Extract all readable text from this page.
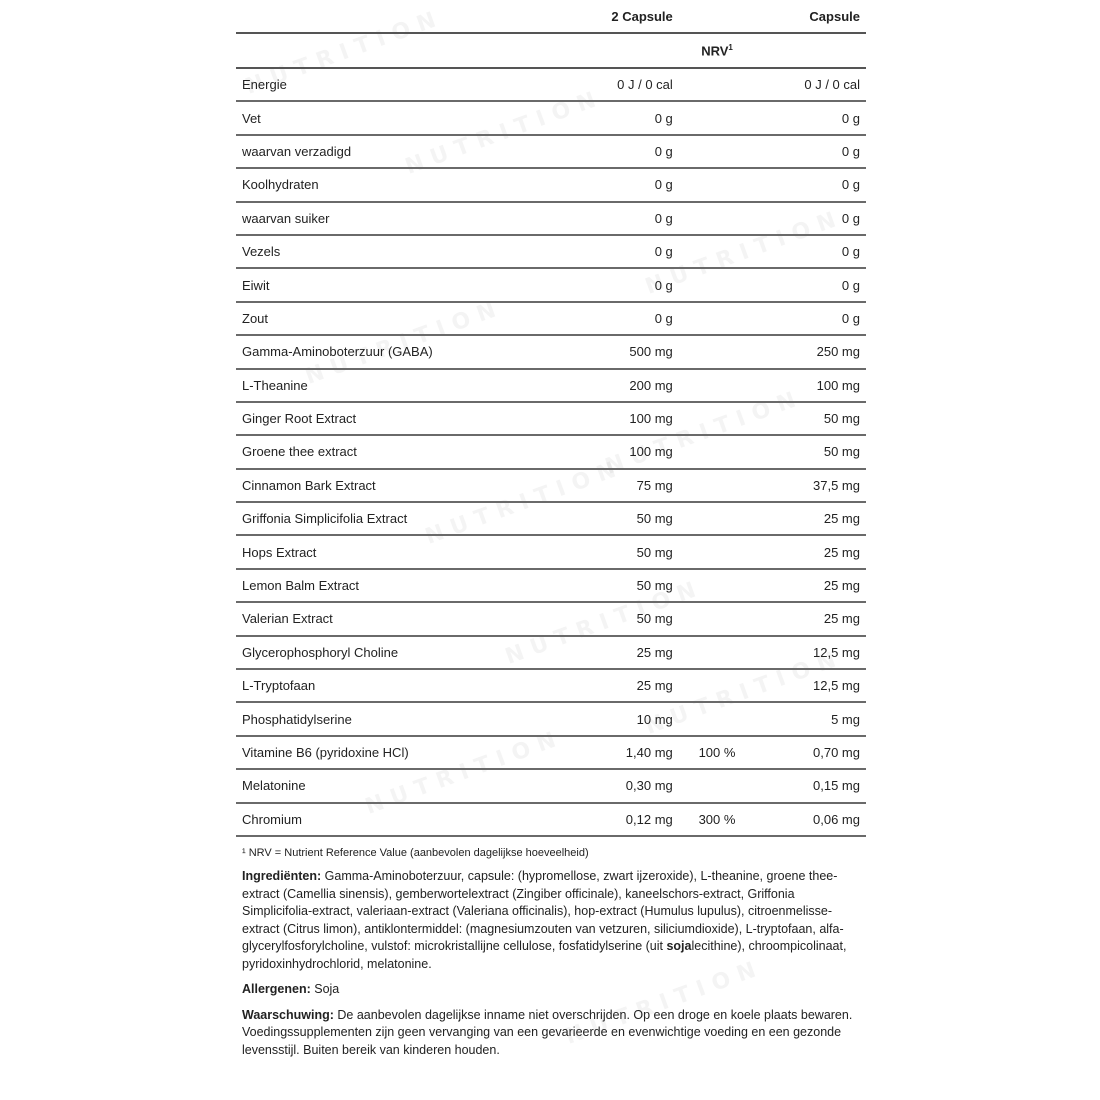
	2 Capsule		Capsule
		NRV$^1$	
Energie	0 J / 0 cal		0 J / 0 cal
Vet	0 g		0 g
waarvan verzadigd	0 g		0 g
Koolhydraten	0 g		0 g
waarvan suiker	0 g		0 g
Vezels	0 g		0 g
Eiwit	0 g		0 g
Zout	0 g		0 g
Gamma-Aminoboterzuur (GABA)	500 mg		250 mg
L-Theanine	200 mg		100 mg
Ginger Root Extract	100 mg		50 mg
Groene thee extract	100 mg		50 mg
Cinnamon Bark Extract	75 mg		37,5 mg
Griffonia Simplicifolia Extract	50 mg		25 mg
Hops Extract	50 mg		25 mg
Lemon Balm Extract	50 mg		25 mg
Valerian Extract	50 mg		25 mg
Glycerophosphoryl Choline	25 mg		12,5 mg
L-Tryptofaan	25 mg		12,5 mg
Phosphatidylserine	10 mg		5 mg
Vitamine B6 (pyridoxine HCl)	1,40 mg	100 %	0,70 mg
Melatonine	0,30 mg		0,15 mg
Chromium	0,12 mg	300 %	0,06 mg
¹ NRV = Nutrient Reference Value (aanbevolen dagelijkse hoeveelheid)
Ingrediënten: Gamma-Aminoboterzuur, capsule: (hypromellose, zwart ijzeroxide), L-theanine, groene thee-extract (Camellia sinensis), gemberwortelextract (Zingiber officinale), kaneelschors-extract, Griffonia Simplicifolia-extract, valeriaan-extract (Valeriana officinalis), hop-extract (Humulus lupulus), citroenmelisse-extract (Citrus limon), antiklontermiddel: (magnesiumzouten van vetzuren, siliciumdioxide), L-tryptofaan, alfa-glycerylfosforylcholine, vulstof: microkristallijne cellulose, fosfatidylserine (uit sojalecithine), chroompicolinaat, pyridoxinhydrochlorid, melatonine.
Allergenen: Soja
Waarschuwing: De aanbevolen dagelijkse inname niet overschrijden. Op een droge en koele plaats bewaren. Voedingssupplementen zijn geen vervanging van een gevarieerde en evenwichtige voeding en een gezonde levensstijl. Buiten bereik van kinderen houden.
